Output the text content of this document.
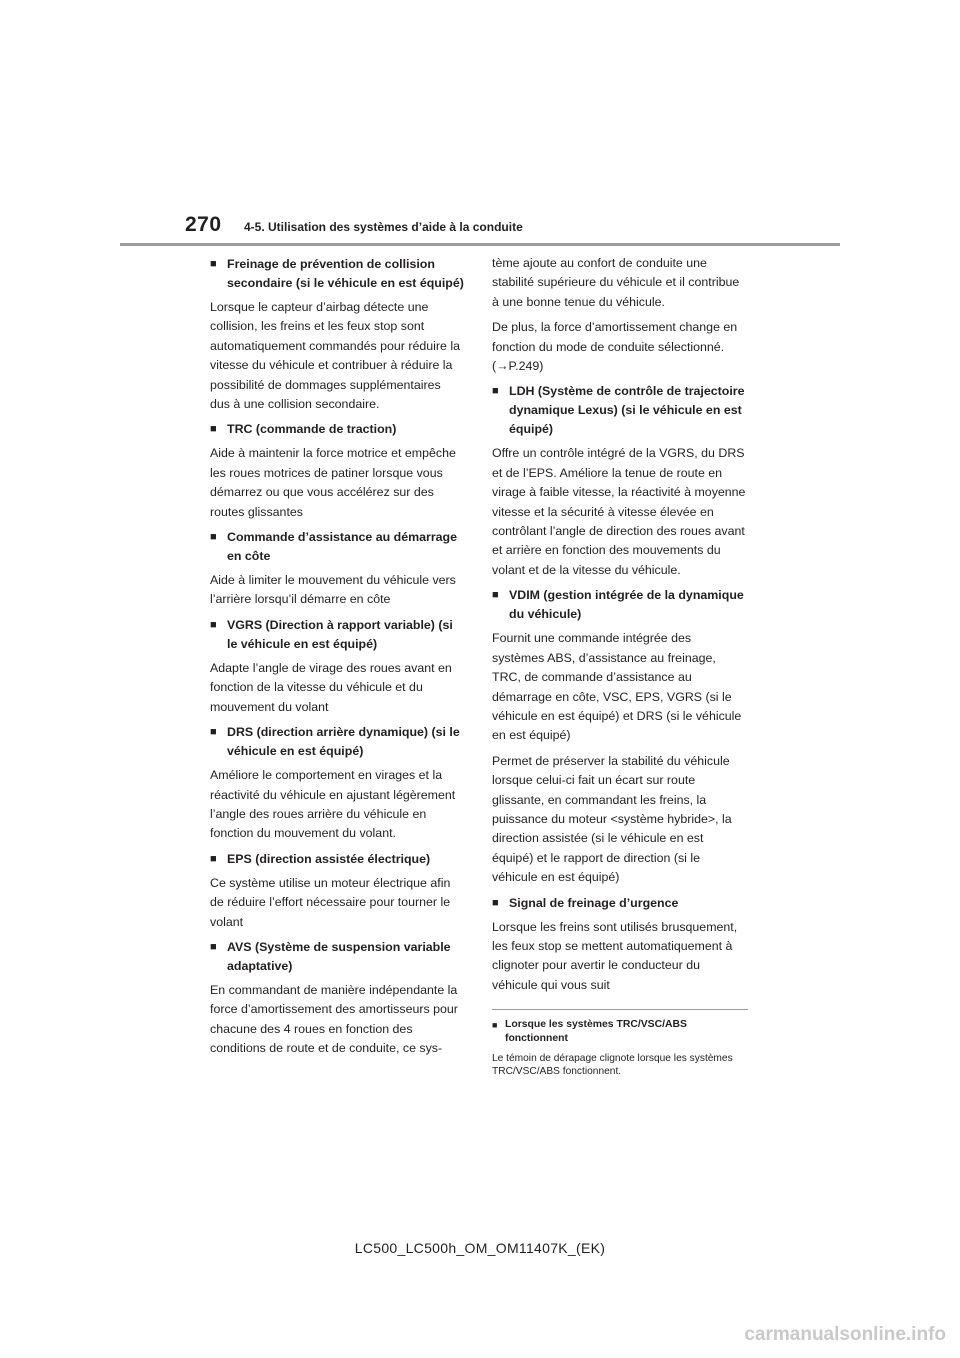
270 4-5. Utilisation des systèmes d’aide à la conduite
■ Freinage de prévention de collision secondaire (si le véhicule en est équipé)

Lorsque le capteur d’airbag détecte une collision, les freins et les feux stop sont automatiquement commandés pour réduire la vitesse du véhicule et contribuer à réduire la possibilité de dommages supplémentaires dus à une collision secondaire.

■ TRC (commande de traction)

Aide à maintenir la force motrice et empêche les roues motrices de patiner lorsque vous démarrez ou que vous accélérez sur des routes glissantes

■ Commande d’assistance au démarrage en côte

Aide à limiter le mouvement du véhicule vers l’arrière lorsqu’il démarre en côte

■ VGRS (Direction à rapport variable) (si le véhicule en est équipé)

Adapte l’angle de virage des roues avant en fonction de la vitesse du véhicule et du mouvement du volant

■ DRS (direction arrière dynamique) (si le véhicule en est équipé)

Améliore le comportement en virages et la réactivité du véhicule en ajustant légèrement l’angle des roues arrière du véhicule en fonction du mouvement du volant.

■ EPS (direction assistée électrique)

Ce système utilise un moteur électrique afin de réduire l’effort nécessaire pour tourner le volant

■ AVS (Système de suspension variable adaptative)

En commandant de manière indépendante la force d’amortissement des amortisseurs pour chacune des 4 roues en fonction des conditions de route et de conduite, ce sys-

tème ajoute au confort de conduite une stabilité supérieure du véhicule et il contribue à une bonne tenue du véhicule.

De plus, la force d’amortissement change en fonction du mode de conduite sélectionné. (→P.249)

■ LDH (Système de contrôle de trajectoire dynamique Lexus) (si le véhicule en est équipé)

Offre un contrôle intégré de la VGRS, du DRS et de l’EPS. Améliore la tenue de route en virage à faible vitesse, la réactivité à moyenne vitesse et la sécurité à vitesse élevée en contrôlant l’angle de direction des roues avant et arrière en fonction des mouvements du volant et de la vitesse du véhicule.

■ VDIM (gestion intégrée de la dynamique du véhicule)

Fournit une commande intégrée des systèmes ABS, d’assistance au freinage, TRC, de commande d’assistance au démarrage en côte, VSC, EPS, VGRS (si le véhicule en est équipé) et DRS (si le véhicule en est équipé)

Permet de préserver la stabilité du véhicule lorsque celui-ci fait un écart sur route glissante, en commandant les freins, la puissance du moteur <système hybride>, la direction assistée (si le véhicule en est équipé) et le rapport de direction (si le véhicule en est équipé)

■ Signal de freinage d’urgence

Lorsque les freins sont utilisés brusquement, les feux stop se mettent automatiquement à clignoter pour avertir le conducteur du véhicule qui vous suit

■ Lorsque les systèmes TRC/VSC/ABS fonctionnent
Le témoin de dérapage clignote lorsque les systèmes TRC/VSC/ABS fonctionnent.
LC500_LC500h_OM_OM11407K_(EK)
carmanualsonline.info
